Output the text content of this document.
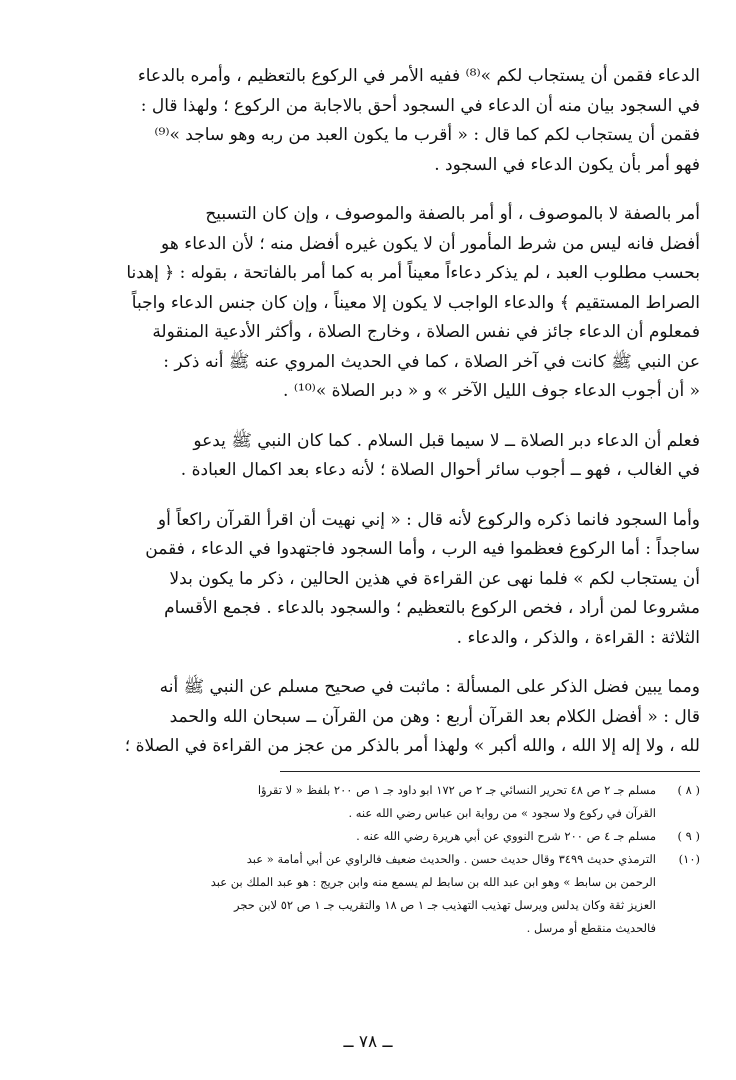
الدعاء فقمن أن يستجاب لكم »⁽⁸⁾ ففيه الأمر في الركوع بالتعظيم ، وأمره بالدعاء

في السجود بيان منه أن الدعاء في السجود أحق بالاجابة من الركوع ؛ ولهذا قال :

فقمن أن يستجاب لكم كما قال : « أقرب ما يكون العبد من ربه وهو ساجد »⁽⁹⁾

فهو أمر بأن يكون الدعاء في السجود .

أمر بالصفة لا بالموصوف ، أو أمر بالصفة والموصوف ، وإن كان التسبيح

أفضل فانه ليس من شرط المأمور أن لا يكون غيره أفضل منه ؛ لأن الدعاء هو

بحسب مطلوب العبد ، لم يذكر دعاءاً معيناً أمر به كما أمر بالفاتحة ، بقوله : ﴿ إهدنا

الصراط المستقيم ﴾ والدعاء الواجب لا يكون إلا معيناً ، وإن كان جنس الدعاء واجباً

فمعلوم أن الدعاء جائز في نفس الصلاة ، وخارج الصلاة ، وأكثر الأدعية المنقولة

عن النبي ﷺ كانت في آخر الصلاة ، كما في الحديث المروي عنه ﷺ أنه ذكر :

« أن أجوب الدعاء جوف الليل الآخر » و « دبر الصلاة »⁽¹⁰⁾ .

فعلم أن الدعاء دبر الصلاة ــ لا سيما قبل السلام . كما كان النبي ﷺ يدعو

في الغالب ، فهو ــ أجوب سائر أحوال الصلاة ؛ لأنه دعاء بعد اكمال العبادة .

وأما السجود فانما ذكره والركوع لأنه قال : « إني نهيت أن اقرأ القرآن راكعاً أو

ساجداً : أما الركوع فعظموا فيه الرب ، وأما السجود فاجتهدوا في الدعاء ، فقمن

أن يستجاب لكم » فلما نهى عن القراءة في هذين الحالين ، ذكر ما يكون بدلا

مشروعا لمن أراد ، فخص الركوع بالتعظيم ؛ والسجود بالدعاء . فجمع الأقسام

الثلاثة : القراءة ، والذكر ، والدعاء .

ومما يبين فضل الذكر على المسألة : ماثبت في صحيح مسلم عن النبي ﷺ أنه

قال : « أفضل الكلام بعد القرآن أربع : وهن من القرآن ــ سبحان الله والحمد

لله ، ولا إله إلا الله ، والله أكبر » ولهذا أمر بالذكر من عجز من القراءة في الصلاة ؛

( ٨ )
مسلم جـ ٢ ص ٤٨ تحرير النسائي جـ ٢ ص ١٧٢ ابو داود جـ ١ ص ٢٠٠ بلفظ « لا تقرؤا
القرآن في ركوع ولا سجود » من رواية ابن عباس رضي الله عنه .
( ٩ )
مسلم جـ ٤ ص ٢٠٠ شرح النووي عن أبي هريرة رضي الله عنه .
(١٠)
الترمذي حديث ٣٤٩٩ وقال حديث حسن . والحديث ضعيف فالراوي عن أبي أمامة « عبد
الرحمن بن سابط » وهو ابن عبد الله بن سابط لم يسمع منه وابن جريج : هو عبد الملك بن عبد
العزيز ثقة وكان يدلس ويرسل تهذيب التهذيب جـ ١ ص ١٨ والتقريب جـ ١ ص ٥٢ لابن حجر
فالحديث منقطع أو مرسل .
ــ ٧٨ ــ
